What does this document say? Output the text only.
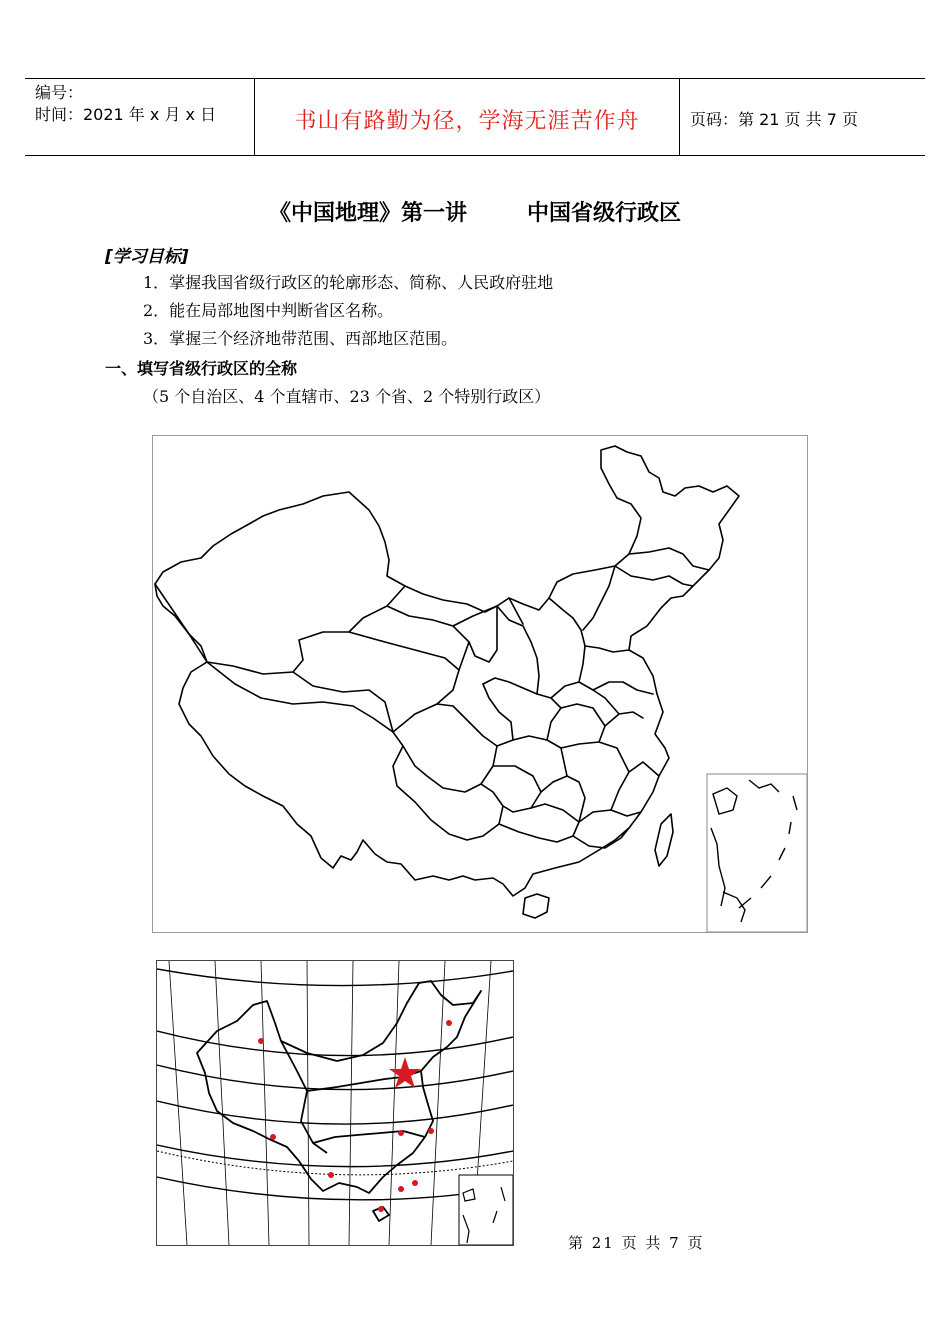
编号：
时间：2021 年 x 月 x 日	书山有路勤为径，学海无涯苦作舟	页码：第 21 页 共 7 页
《中国地理》第一讲	中国省级行政区
[学习目标]
1．掌握我国省级行政区的轮廓形态、简称、人民政府驻地
2．能在局部地图中判断省区名称。
3．掌握三个经济地带范围、西部地区范围。
一、填写省级行政区的全称
（5 个自治区、4 个直辖市、23 个省、2 个特别行政区）
第 21 页 共 7 页
